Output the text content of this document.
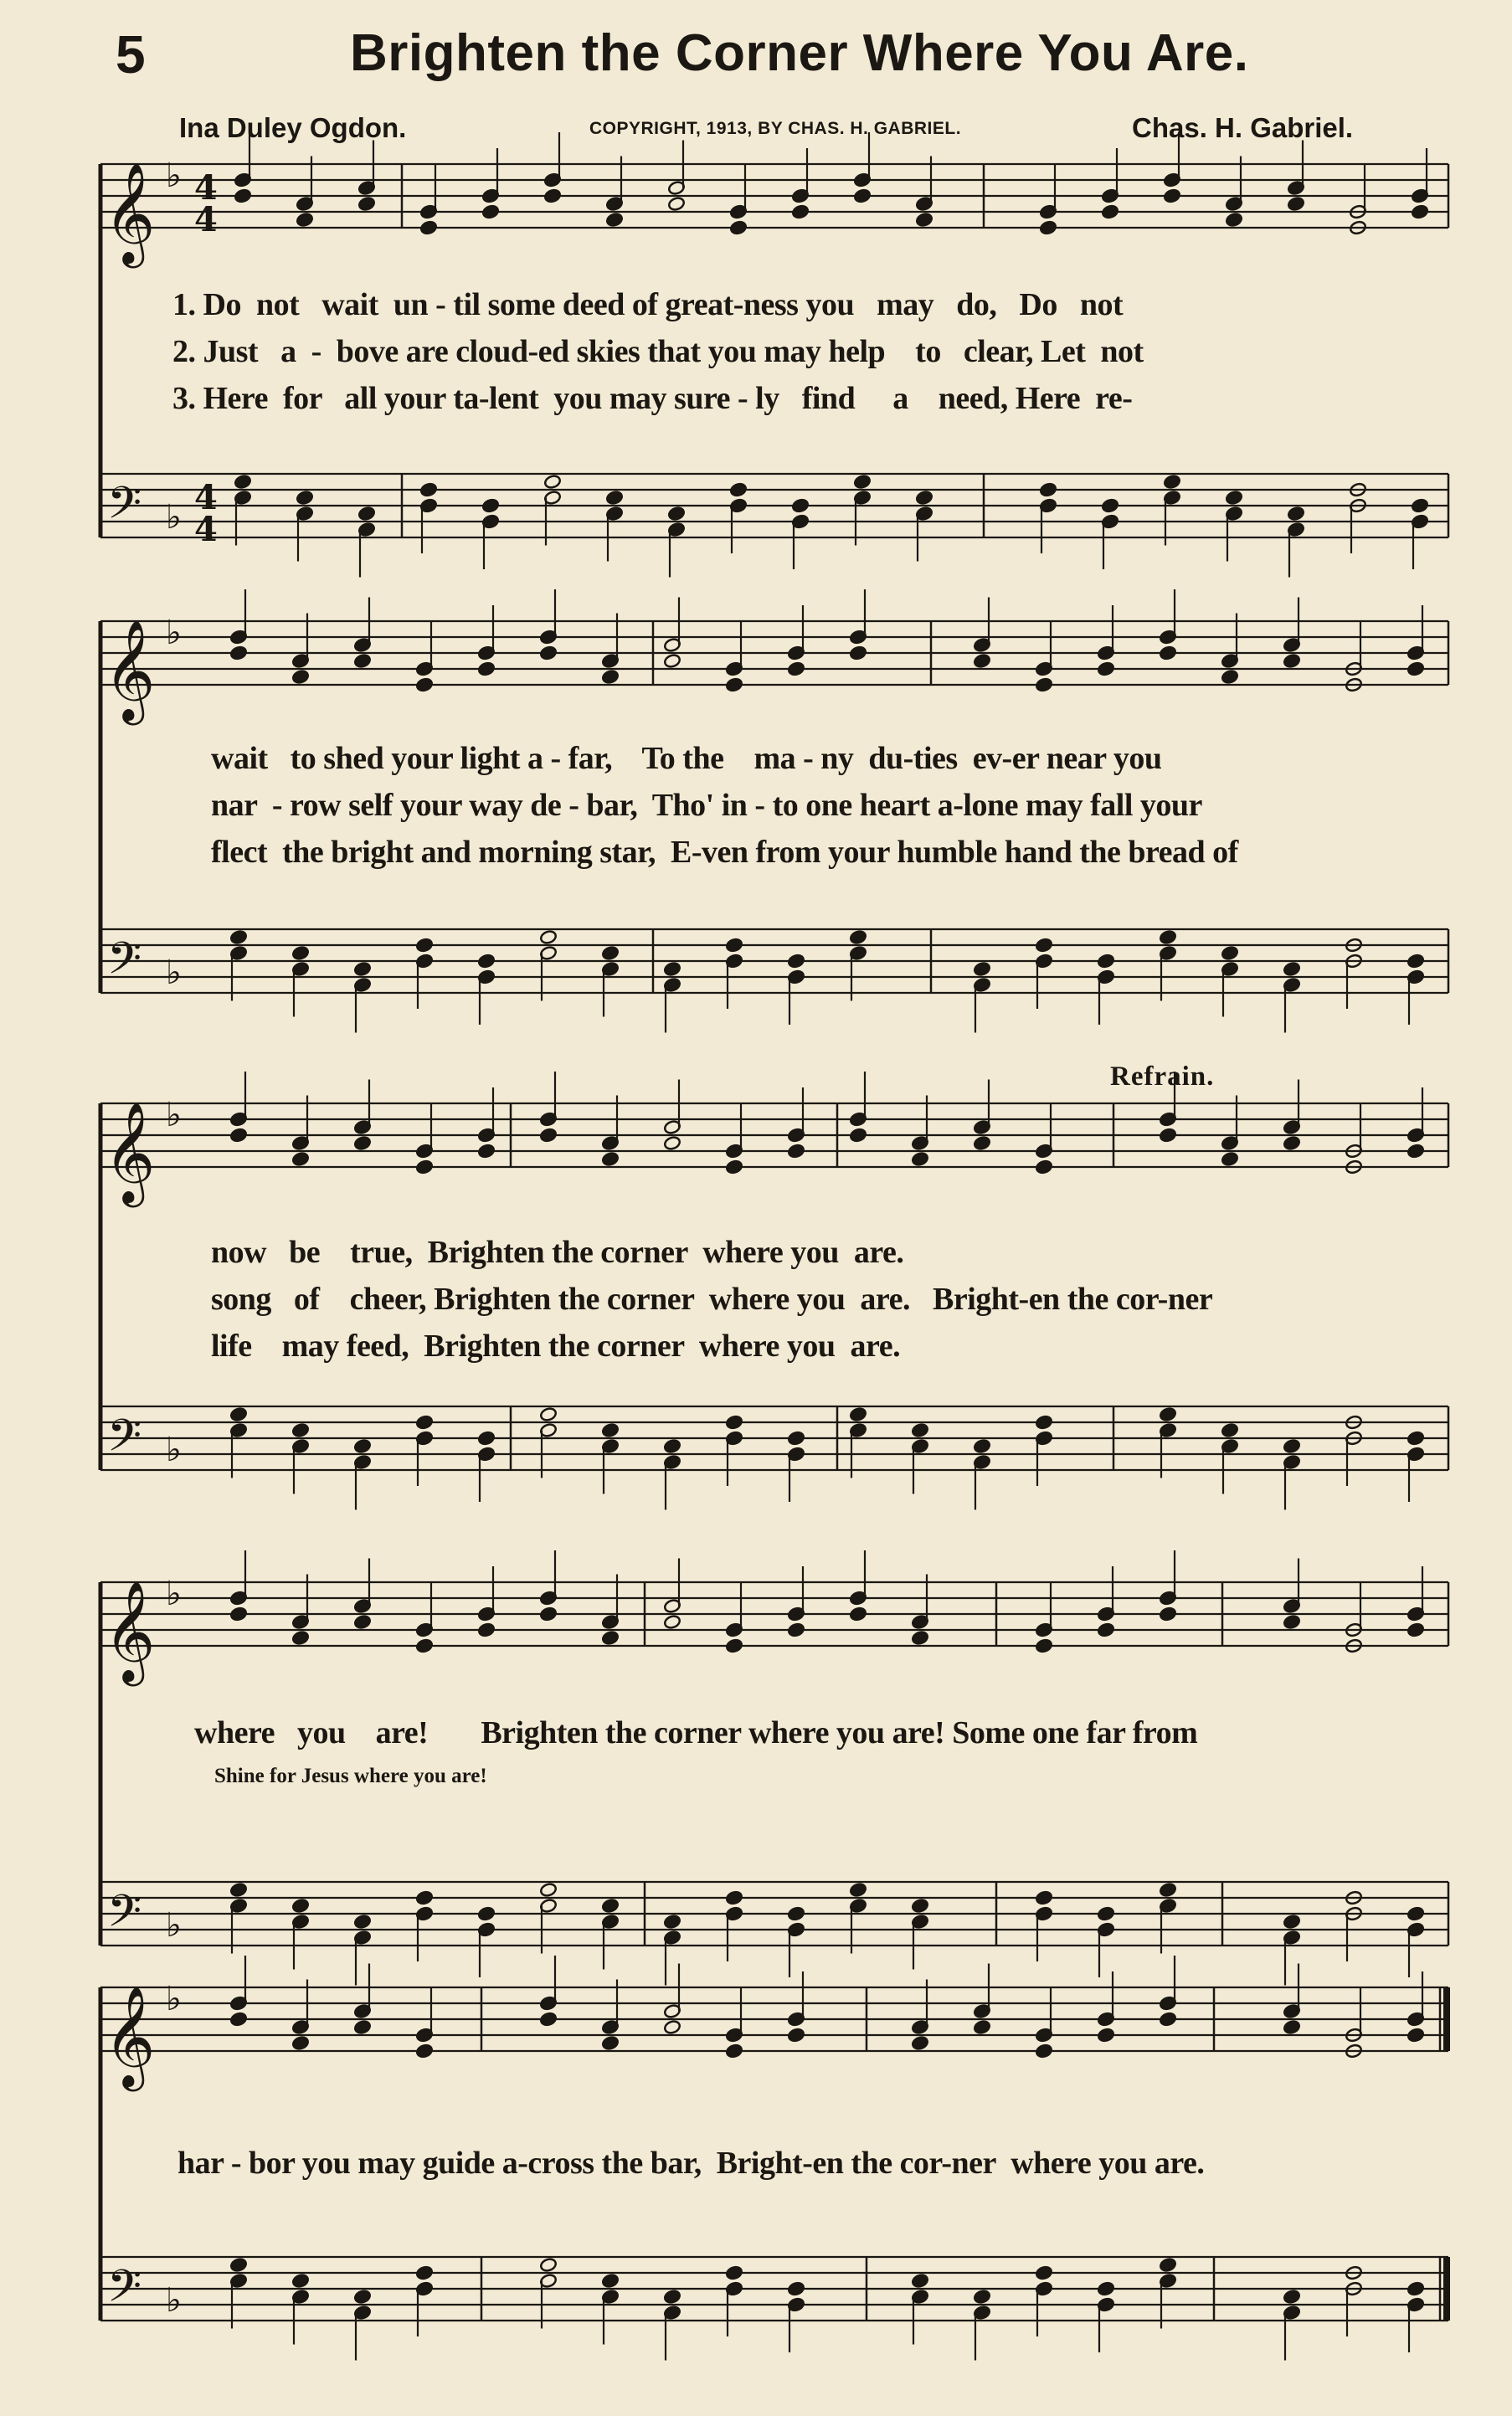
5	Brighten the Corner Where You Are.
Ina Duley Ogdon.	COPYRIGHT, 1913, BY CHAS. H. GABRIEL.	Chas. H. Gabriel.
𝄞
𝄢
♭
♭
4
4
4
4
𝄞
𝄢
♭
♭
𝄞
𝄢
♭
♭
𝄞
𝄢
♭
♭
𝄞
𝄢
♭
♭
1. Do  not   wait  un - til some deed of great-ness you   may   do,   Do   not
2. Just   a  -  bove are cloud-ed skies that you may help    to   clear, Let  not
3. Here  for   all your ta-lent  you may sure - ly   find     a    need, Here  re-
wait   to shed your light a - far,    To the    ma - ny  du-ties  ev-er near you
nar  - row self your way de - bar,  Tho' in - to one heart a-lone may fall your
flect  the bright and morning star,  E-ven from your humble hand the bread of
Refrain.
now   be    true,  Brighten the corner  where you  are.
song   of    cheer, Brighten the corner  where you  are.   Bright-en the cor-ner
life    may feed,  Brighten the corner  where you  are.
where   you    are!       Brighten the corner where you are! Some one far from
Shine for Jesus where you are!
har - bor you may guide a-cross the bar,  Bright-en the cor-ner  where you are.
